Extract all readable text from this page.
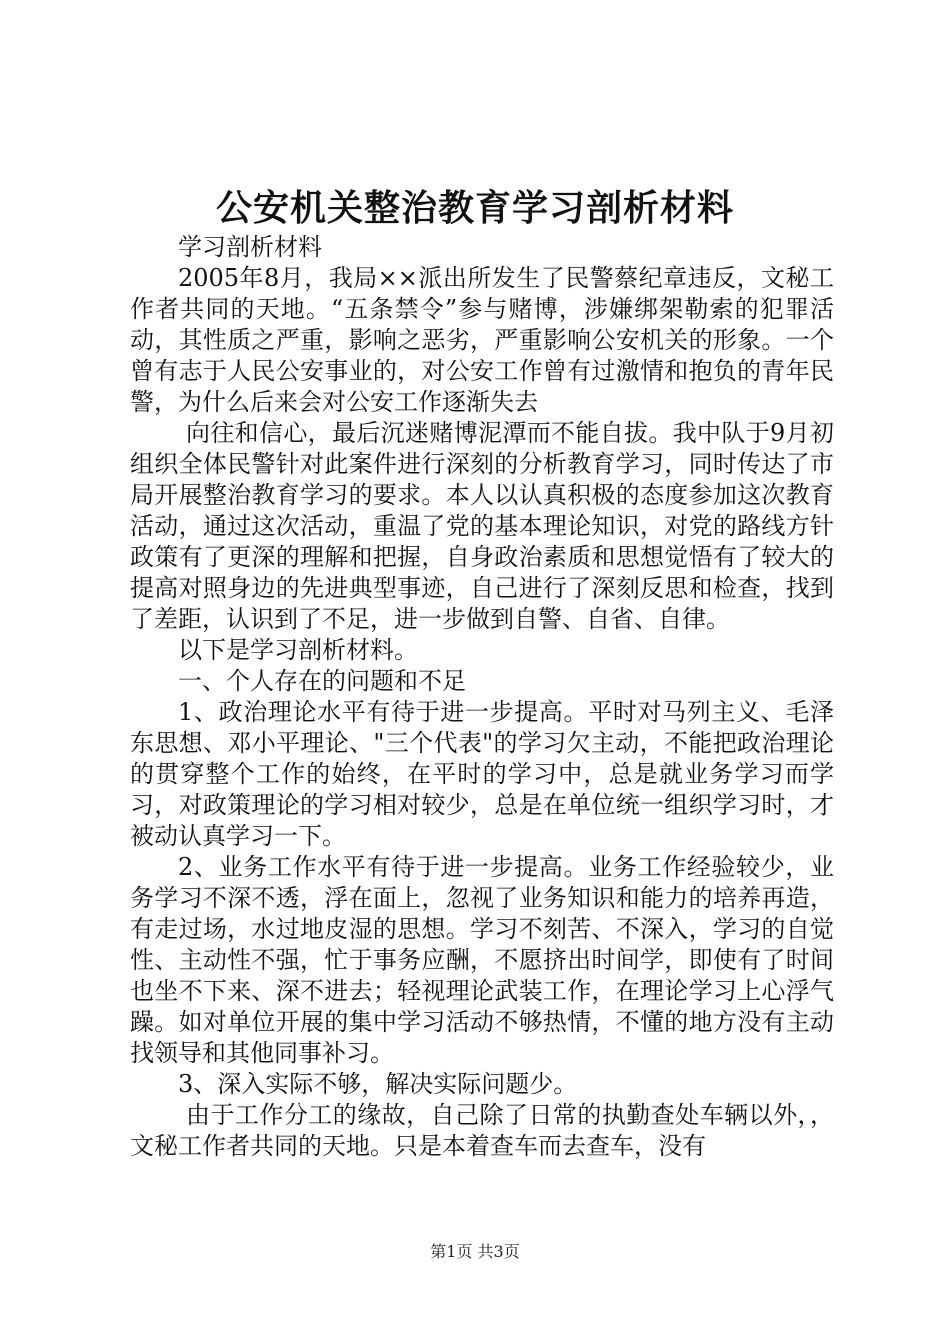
公安机关整治教育学习剖析材料

学习剖析材料

2005年8月，我局××派出所发生了民警蔡纪章违反，文秘工作者共同的天地。“五条禁令”参与赌博，涉嫌绑架勒索的犯罪活动，其性质之严重，影响之恶劣，严重影响公安机关的形象。一个曾有志于人民公安事业的，对公安工作曾有过激情和抱负的青年民警，为什么后来会对公安工作逐渐失去

向往和信心，最后沉迷赌博泥潭而不能自拔。我中队于9月初组织全体民警针对此案件进行深刻的分析教育学习，同时传达了市局开展整治教育学习的要求。本人以认真积极的态度参加这次教育活动，通过这次活动，重温了党的基本理论知识，对党的路线方针政策有了更深的理解和把握，自身政治素质和思想觉悟有了较大的提高对照身边的先进典型事迹，自己进行了深刻反思和检查，找到了差距，认识到了不足，进一步做到自警、自省、自律。

以下是学习剖析材料。

一、个人存在的问题和不足

1、政治理论水平有待于进一步提高。平时对马列主义、毛泽东思想、邓小平理论、"三个代表"的学习欠主动，不能把政治理论的贯穿整个工作的始终，在平时的学习中，总是就业务学习而学习，对政策理论的学习相对较少，总是在单位统一组织学习时，才被动认真学习一下。

2、业务工作水平有待于进一步提高。业务工作经验较少，业务学习不深不透，浮在面上，忽视了业务知识和能力的培养再造，有走过场，水过地皮湿的思想。学习不刻苦、不深入，学习的自觉性、主动性不强，忙于事务应酬，不愿挤出时间学，即使有了时间也坐不下来、深不进去；轻视理论武装工作，在理论学习上心浮气躁。如对单位开展的集中学习活动不够热情，不懂的地方没有主动找领导和其他同事补习。

3、深入实际不够，解决实际问题少。

由于工作分工的缘故，自己除了日常的执勤查处车辆以外，，文秘工作者共同的天地。只是本着查车而去查车，没有

第1页 共3页
